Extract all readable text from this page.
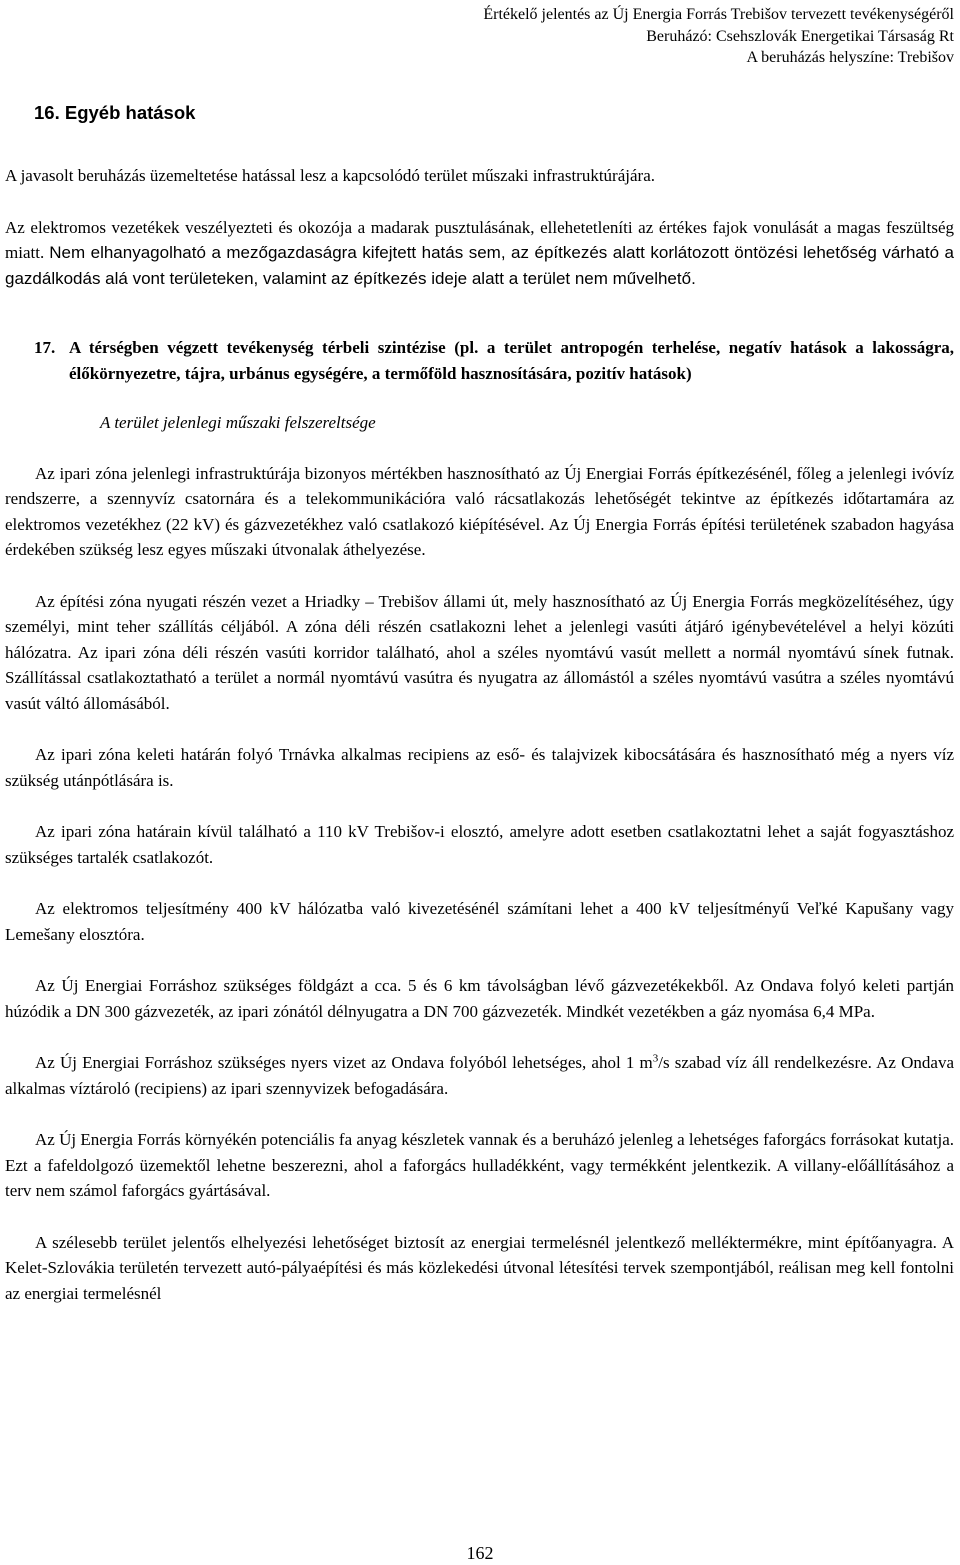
Értékelő jelentés az Új Energia Forrás Trebišov tervezett tevékenységéről
Beruházó: Csehszlovák Energetikai Társaság Rt
A beruházás helyszíne: Trebišov
16. Egyéb hatások

A javasolt beruházás üzemeltetése hatással lesz a kapcsolódó terület műszaki infrastruktúrájára.

Az elektromos vezetékek veszélyezteti és okozója a madarak pusztulásának, ellehetetleníti az értékes fajok vonulását a magas feszültség miatt. Nem elhanyagolható a mezőgazdaságra kifejtett hatás sem, az építkezés alatt korlátozott öntözési lehetőség várható a gazdálkodás alá vont területeken, valamint az építkezés ideje alatt a terület nem művelhető.

17. A térségben végzett tevékenység térbeli szintézise (pl. a terület antropogén terhelése, negatív hatások a lakosságra, élőkörnyezetre, tájra, urbánus egységére, a termőföld hasznosítására, pozitív hatások)
A terület jelenlegi műszaki felszereltsége

Az ipari zóna jelenlegi infrastruktúrája bizonyos mértékben hasznosítható az Új Energiai Forrás építkezésénél, főleg a jelenlegi ivóvíz rendszerre, a szennyvíz csatornára és a telekommunikációra való rácsatlakozás lehetőségét tekintve az építkezés időtartamára az elektromos vezetékhez (22 kV) és gázvezetékhez való csatlakozó kiépítésével. Az Új Energia Forrás építési területének szabadon hagyása érdekében szükség lesz egyes műszaki útvonalak áthelyezése.

Az építési zóna nyugati részén vezet a Hriadky – Trebišov állami út, mely hasznosítható az Új Energia Forrás megközelítéséhez, úgy személyi, mint teher szállítás céljából. A zóna déli részén csatlakozni lehet a jelenlegi vasúti átjáró igénybevételével a helyi közúti hálózatra. Az ipari zóna déli részén vasúti korridor található, ahol a széles nyomtávú vasút mellett a normál nyomtávú sínek futnak. Szállítással csatlakoztatható a terület a normál nyomtávú vasútra és nyugatra az állomástól a széles nyomtávú vasútra a széles nyomtávú vasút váltó állomásából.

Az ipari zóna keleti határán folyó Trnávka alkalmas recipiens az eső- és talajvizek kibocsátására és hasznosítható még a nyers víz szükség utánpótlására is.

Az ipari zóna határain kívül található a 110 kV Trebišov-i elosztó, amelyre adott esetben csatlakoztatni lehet a saját fogyasztáshoz szükséges tartalék csatlakozót.

Az elektromos teljesítmény 400 kV hálózatba való kivezetésénél számítani lehet a 400 kV teljesítményű Veľké Kapušany vagy Lemešany elosztóra.

Az Új Energiai Forráshoz szükséges földgázt a cca. 5 és 6 km távolságban lévő gázvezetékekből. Az Ondava folyó keleti partján húzódik a DN 300 gázvezeték, az ipari zónától délnyugatra a DN 700 gázvezeték. Mindkét vezetékben a gáz nyomása 6,4 MPa.

Az Új Energiai Forráshoz szükséges nyers vizet az Ondava folyóból lehetséges, ahol 1 $m^3/s$ szabad víz áll rendelkezésre. Az Ondava alkalmas víztároló (recipiens) az ipari szennyvizek befogadására.

Az Új Energia Forrás környékén potenciális fa anyag készletek vannak és a beruházó jelenleg a lehetséges faforgács forrásokat kutatja. Ezt a fafeldolgozó üzemektől lehetne beszerezni, ahol a faforgács hulladékként, vagy termékként jelentkezik. A villany-előállításához a terv nem számol faforgács gyártásával.

A szélesebb terület jelentős elhelyezési lehetőséget biztosít az energiai termelésnél jelentkező melléktermékre, mint építőanyagra. A Kelet-Szlovákia területén tervezett autó-pályaépítési és más közlekedési útvonal létesítési tervek szempontjából, reálisan meg kell fontolni az energiai termelésnél

162
